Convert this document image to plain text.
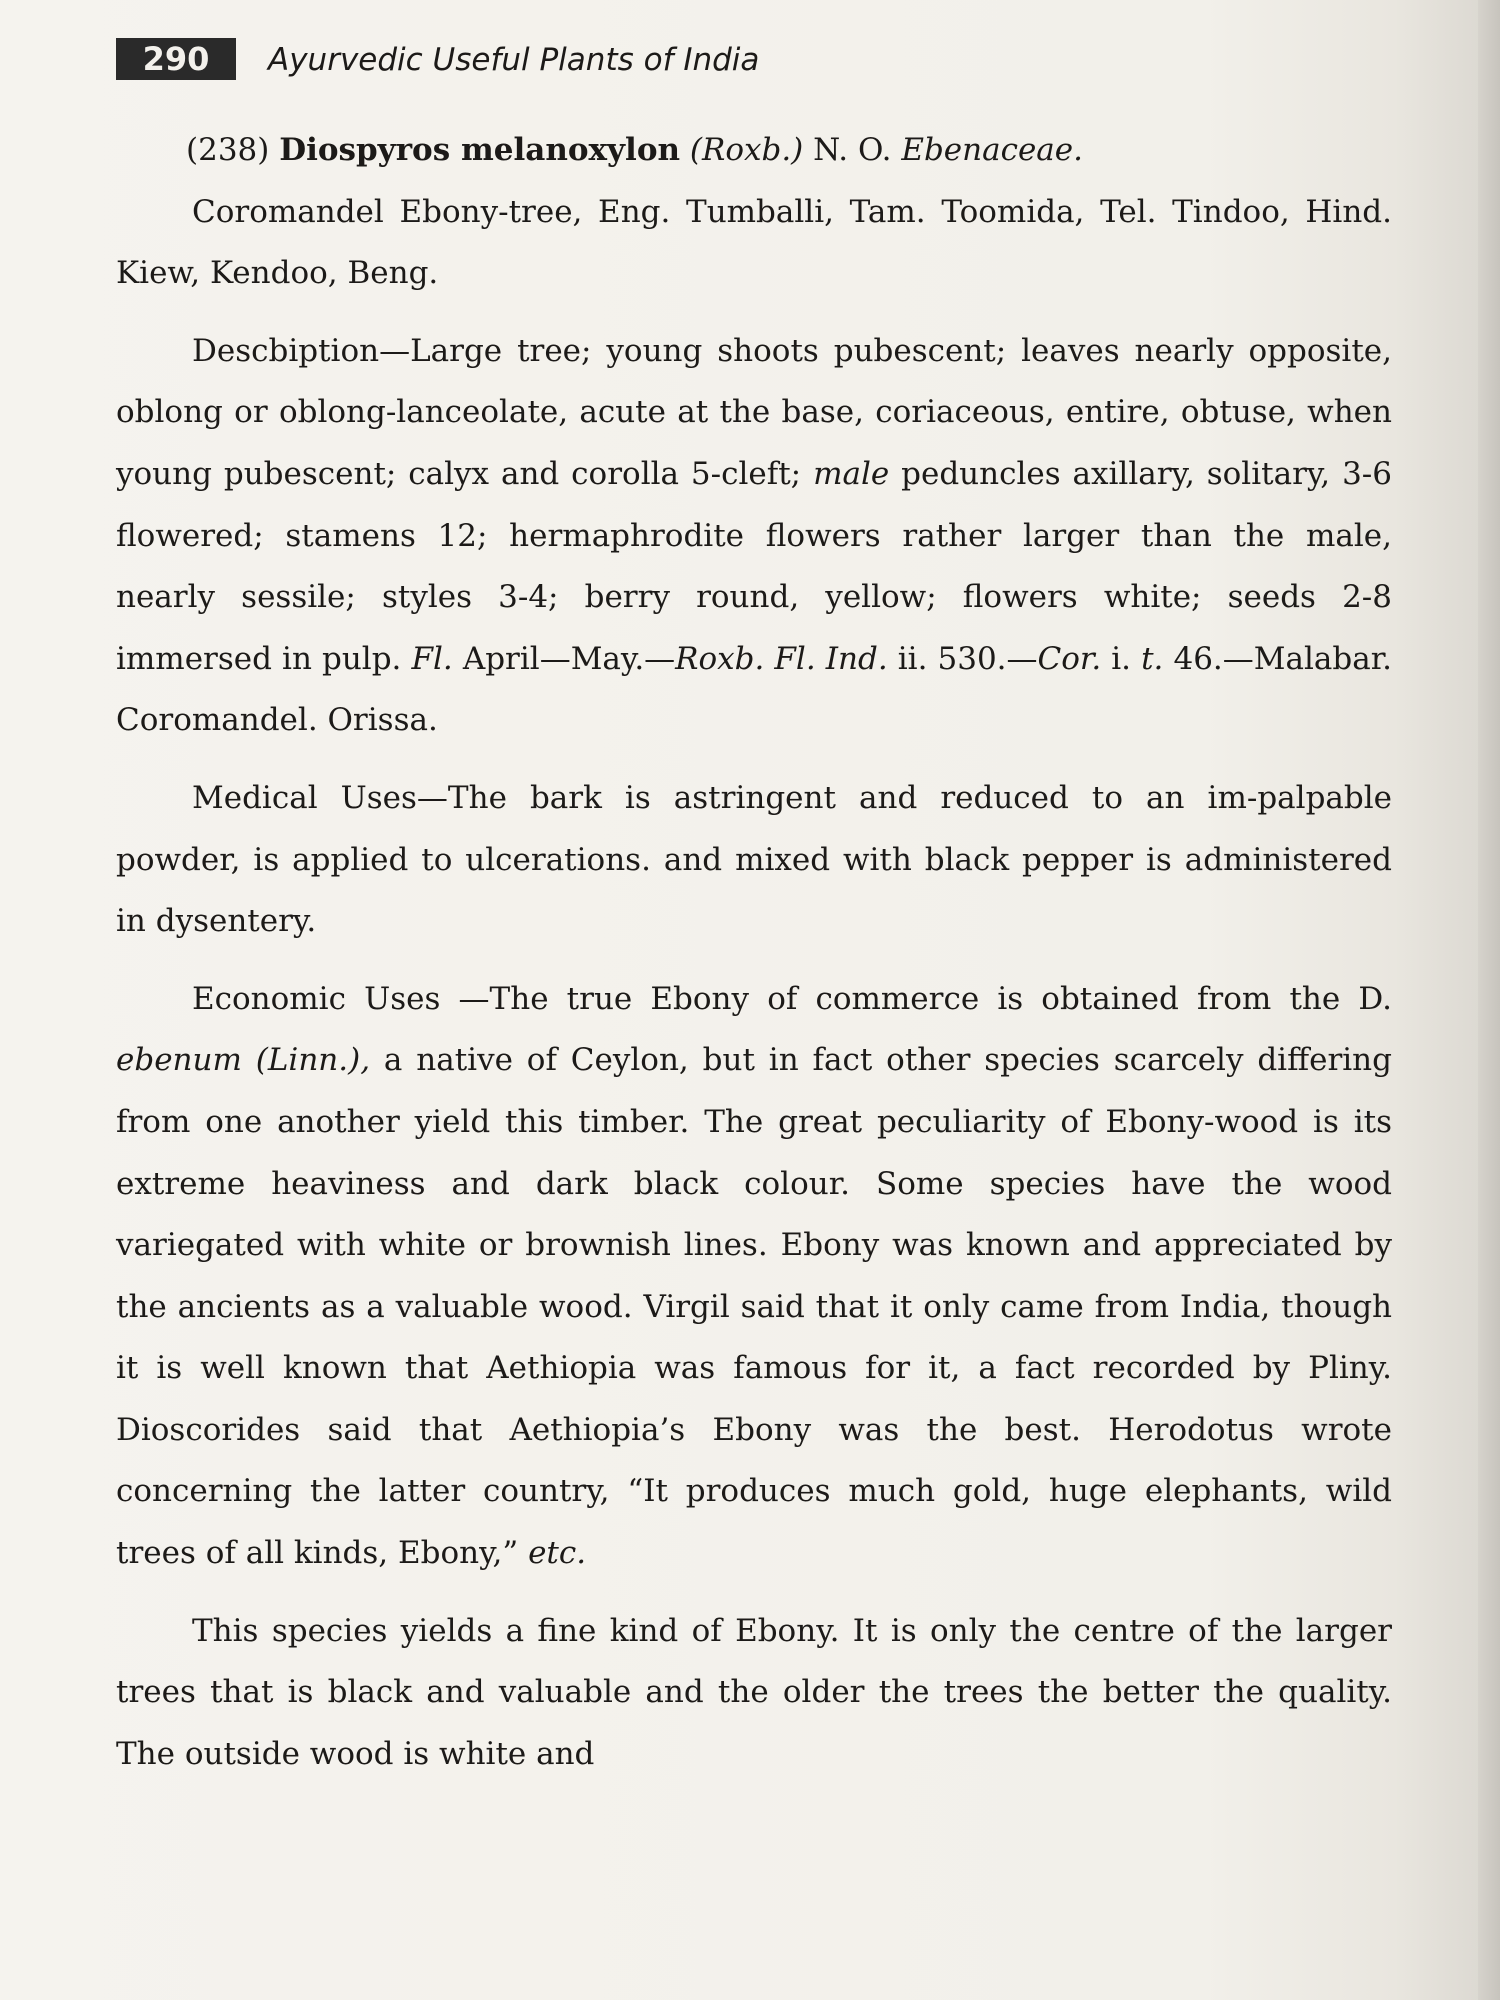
290	Ayurvedic Useful Plants of India

(238) Diospyros melanoxylon (Roxb.) N. O. Ebenaceae.

Coromandel Ebony-tree, Eng. Tumballi, Tam. Toomida, Tel. Tindoo, Hind. Kiew, Kendoo, Beng.

Descbiption—Large tree; young shoots pubescent; leaves nearly opposite, oblong or oblong-lanceolate, acute at the base, coriaceous, entire, obtuse, when young pubescent; calyx and corolla 5-cleft; male peduncles axillary, solitary, 3-6 flowered; stamens 12; hermaphrodite flowers rather larger than the male, nearly sessile; styles 3-4; berry round, yellow; flowers white; seeds 2-8 immersed in pulp. Fl. April—May.—Roxb. Fl. Ind. ii. 530.—Cor. i. t. 46.—Malabar. Coromandel. Orissa.

Medical Uses—The bark is astringent and reduced to an im-palpable powder, is applied to ulcerations. and mixed with black pepper is administered in dysentery.

Economic Uses —The true Ebony of commerce is obtained from the D. ebenum (Linn.), a native of Ceylon, but in fact other species scarcely differing from one another yield this timber. The great peculiarity of Ebony-wood is its extreme heaviness and dark black colour. Some species have the wood variegated with white or brownish lines. Ebony was known and appreciated by the ancients as a valuable wood. Virgil said that it only came from India, though it is well known that Aethiopia was famous for it, a fact recorded by Pliny. Dioscorides said that Aethiopia’s Ebony was the best. Herodotus wrote concerning the latter country, “It produces much gold, huge elephants, wild trees of all kinds, Ebony,” etc.

This species yields a fine kind of Ebony. It is only the centre of the larger trees that is black and valuable and the older the trees the better the quality. The outside wood is white and
